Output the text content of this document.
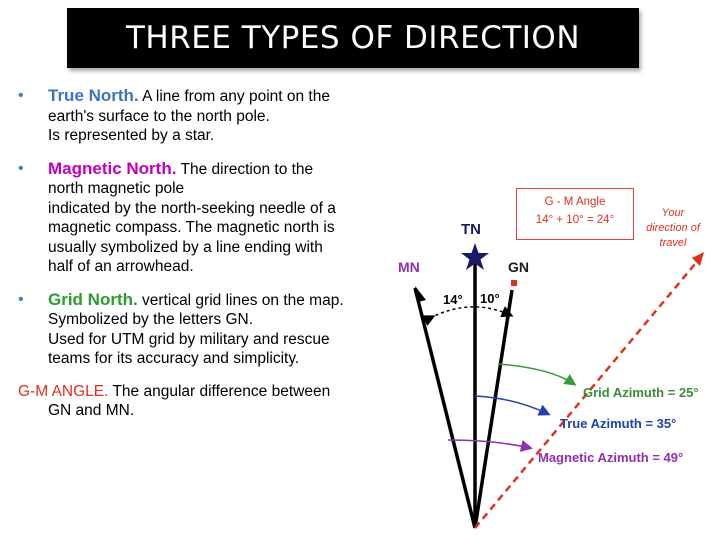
THREE TYPES OF DIRECTION
• True North. A line from any point on the
earth's surface to the north pole.
Is represented by a star.
• Magnetic North. The direction to the
north magnetic pole
indicated by the north-seeking needle of a
magnetic compass. The magnetic north is
usually symbolized by a line ending with
half of an arrowhead.
• Grid North. vertical grid lines on the map.
Symbolized by the letters GN.
Used for UTM grid by military and rescue
teams for its accuracy and simplicity.
G-M ANGLE. The angular difference between
GN and MN.
G - M Angle
14° + 10° = 24°
Your
direction of
travel
TN
MN	GN
14° 10°
Grid Azimuth = 25°
True Azimuth = 35°
Magnetic Azimuth = 49°
